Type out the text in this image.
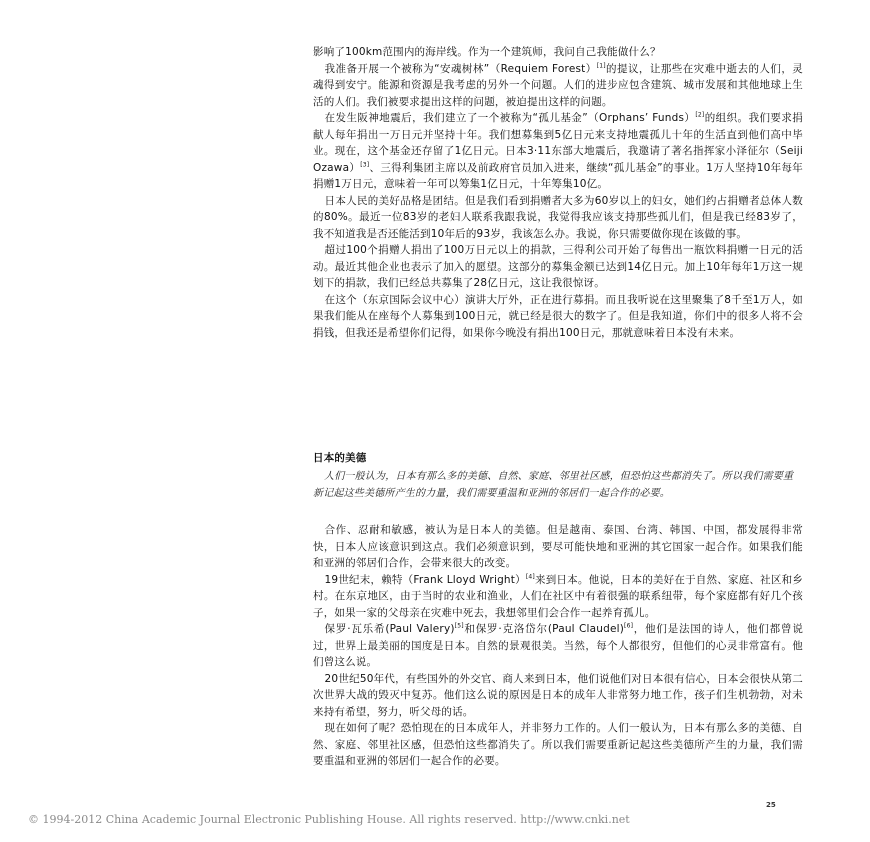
影响了100km范围内的海岸线。作为一个建筑师，我问自己我能做什么？

我准备开展一个被称为“安魂树林”（Requiem Forest）[1]的提议，让那些在灾难中逝去的人们，灵魂得到安宁。能源和资源是我考虑的另外一个问题。人们的进步应包含建筑、城市发展和其他地球上生活的人们。我们被要求提出这样的问题，被迫提出这样的问题。

在发生阪神地震后，我们建立了一个被称为“孤儿基金”（Orphans’ Funds）[2]的组织。我们要求捐献人每年捐出一万日元并坚持十年。我们想募集到5亿日元来支持地震孤儿十年的生活直到他们高中毕业。现在，这个基金还存留了1亿日元。日本3·11东部大地震后，我邀请了著名指挥家小泽征尔（Seiji Ozawa）[3]、三得利集团主席以及前政府官员加入进来，继续“孤儿基金”的事业。1万人坚持10年每年捐赠1万日元，意味着一年可以筹集1亿日元，十年筹集10亿。

日本人民的美好品格是团结。但是我们看到捐赠者大多为60岁以上的妇女，她们约占捐赠者总体人数的80%。最近一位83岁的老妇人联系我跟我说，我觉得我应该支持那些孤儿们，但是我已经83岁了，我不知道我是否还能活到10年后的93岁，我该怎么办。我说，你只需要做你现在该做的事。

超过100个捐赠人捐出了100万日元以上的捐款，三得利公司开始了每售出一瓶饮料捐赠一日元的活动。最近其他企业也表示了加入的愿望。这部分的募集金额已达到14亿日元。加上10年每年1万这一规划下的捐款，我们已经总共募集了28亿日元，这让我很惊讶。

在这个（东京国际会议中心）演讲大厅外，正在进行募捐。而且我听说在这里聚集了8千至1万人，如果我们能从在座每个人募集到100日元，就已经是很大的数字了。但是我知道，你们中的很多人将不会捐钱，但我还是希望你们记得，如果你今晚没有捐出100日元，那就意味着日本没有未来。

日本的美德

人们一般认为，日本有那么多的美德、自然、家庭、邻里社区感，但恐怕这些都消失了。所以我们需要重新记起这些美德所产生的力量，我们需要重温和亚洲的邻居们一起合作的必要。

合作、忍耐和敏感，被认为是日本人的美德。但是越南、泰国、台湾、韩国、中国，都发展得非常快，日本人应该意识到这点。我们必须意识到，要尽可能快地和亚洲的其它国家一起合作。如果我们能和亚洲的邻居们合作，会带来很大的改变。

19世纪末，赖特（Frank Lloyd Wright）[4]来到日本。他说，日本的美好在于自然、家庭、社区和乡村。在东京地区，由于当时的农业和渔业，人们在社区中有着很强的联系纽带，每个家庭都有好几个孩子，如果一家的父母亲在灾难中死去，我想邻里们会合作一起养育孤儿。

保罗·瓦乐希(Paul Valery)[5]和保罗·克洛岱尔(Paul Claudel)[6]，他们是法国的诗人，他们都曾说过，世界上最美丽的国度是日本。自然的景观很美。当然，每个人都很穷，但他们的心灵非常富有。他们曾这么说。

20世纪50年代，有些国外的外交官、商人来到日本，他们说他们对日本很有信心，日本会很快从第二次世界大战的毁灭中复苏。他们这么说的原因是日本的成年人非常努力地工作，孩子们生机勃勃，对未来持有希望，努力，听父母的话。

现在如何了呢？恐怕现在的日本成年人，并非努力工作的。人们一般认为，日本有那么多的美德、自然、家庭、邻里社区感，但恐怕这些都消失了。所以我们需要重新记起这些美德所产生的力量，我们需要重温和亚洲的邻居们一起合作的必要。

25
© 1994-2012 China Academic Journal Electronic Publishing House. All rights reserved. http://www.cnki.net
